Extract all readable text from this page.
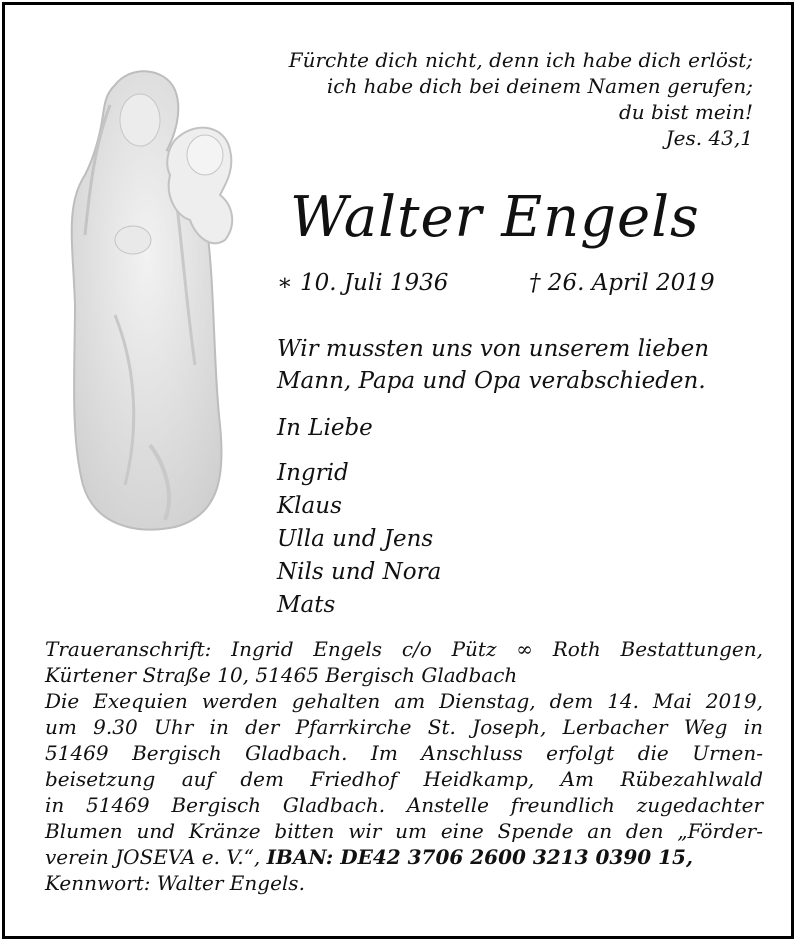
Fürchte dich nicht, denn ich habe dich erlöst;
ich habe dich bei deinem Namen gerufen;
du bist mein!
Jes. 43,1
Walter Engels
∗ 10. Juli 1936	† 26. April 2019
Wir mussten uns von unserem lieben
Mann, Papa und Opa verabschieden.
In Liebe
Ingrid
Klaus
Ulla und Jens
Nils und Nora
Mats
Traueranschrift: Ingrid Engels c/o Pütz ∞ Roth Bestattungen,
Kürtener Straße 10, 51465 Bergisch Gladbach
Die Exequien werden gehalten am Dienstag, dem 14. Mai 2019,
um 9.30 Uhr in der Pfarrkirche St. Joseph, Lerbacher Weg in
51469 Bergisch Gladbach. Im Anschluss erfolgt die Urnen-
beisetzung auf dem Friedhof Heidkamp, Am Rübezahlwald
in 51469 Bergisch Gladbach. Anstelle freundlich zugedachter
Blumen und Kränze bitten wir um eine Spende an den „Förder-
verein JOSEVA e. V.“, IBAN: DE42 3706 2600 3213 0390 15,
Kennwort: Walter Engels.
